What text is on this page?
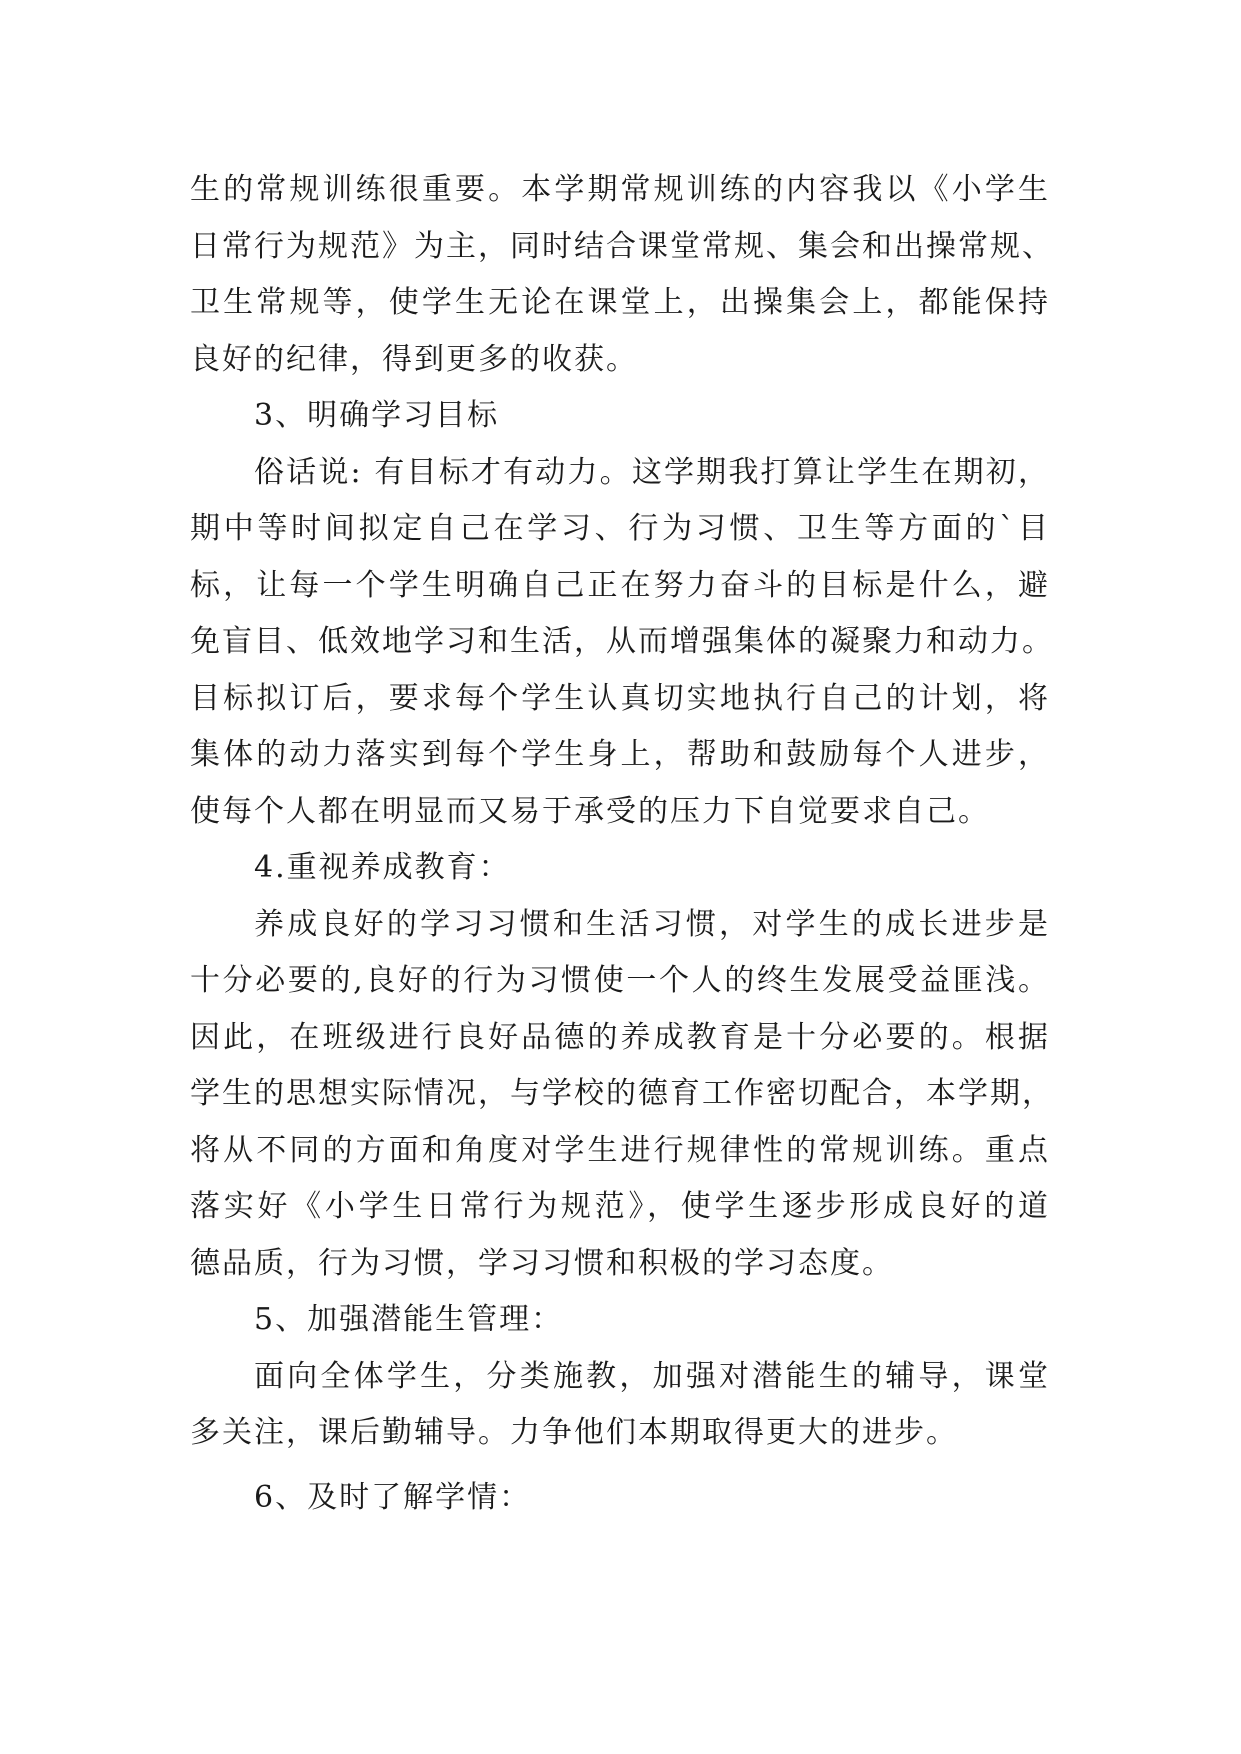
生的常规训练很重要。本学期常规训练的内容我以《小学生
日常行为规范》为主，同时结合课堂常规、集会和出操常规、
卫生常规等，使学生无论在课堂上，出操集会上，都能保持
良好的纪律，得到更多的收获。
3、明确学习目标
俗话说: 有目标才有动力。这学期我打算让学生在期初，
期中等时间拟定自己在学习、行为习惯、卫生等方面的`目
标，让每一个学生明确自己正在努力奋斗的目标是什么，避
免盲目、低效地学习和生活，从而增强集体的凝聚力和动力。
目标拟订后，要求每个学生认真切实地执行自己的计划，将
集体的动力落实到每个学生身上，帮助和鼓励每个人进步，
使每个人都在明显而又易于承受的压力下自觉要求自己。
4.重视养成教育：
养成良好的学习习惯和生活习惯，对学生的成长进步是
十分必要的,良好的行为习惯使一个人的终生发展受益匪浅。
因此，在班级进行良好品德的养成教育是十分必要的。根据
学生的思想实际情况，与学校的德育工作密切配合，本学期，
将从不同的方面和角度对学生进行规律性的常规训练。重点
落实好《小学生日常行为规范》，使学生逐步形成良好的道
德品质，行为习惯，学习习惯和积极的学习态度。
5、加强潜能生管理：
面向全体学生，分类施教，加强对潜能生的辅导，课堂
多关注，课后勤辅导。力争他们本期取得更大的进步。
6、及时了解学情：
